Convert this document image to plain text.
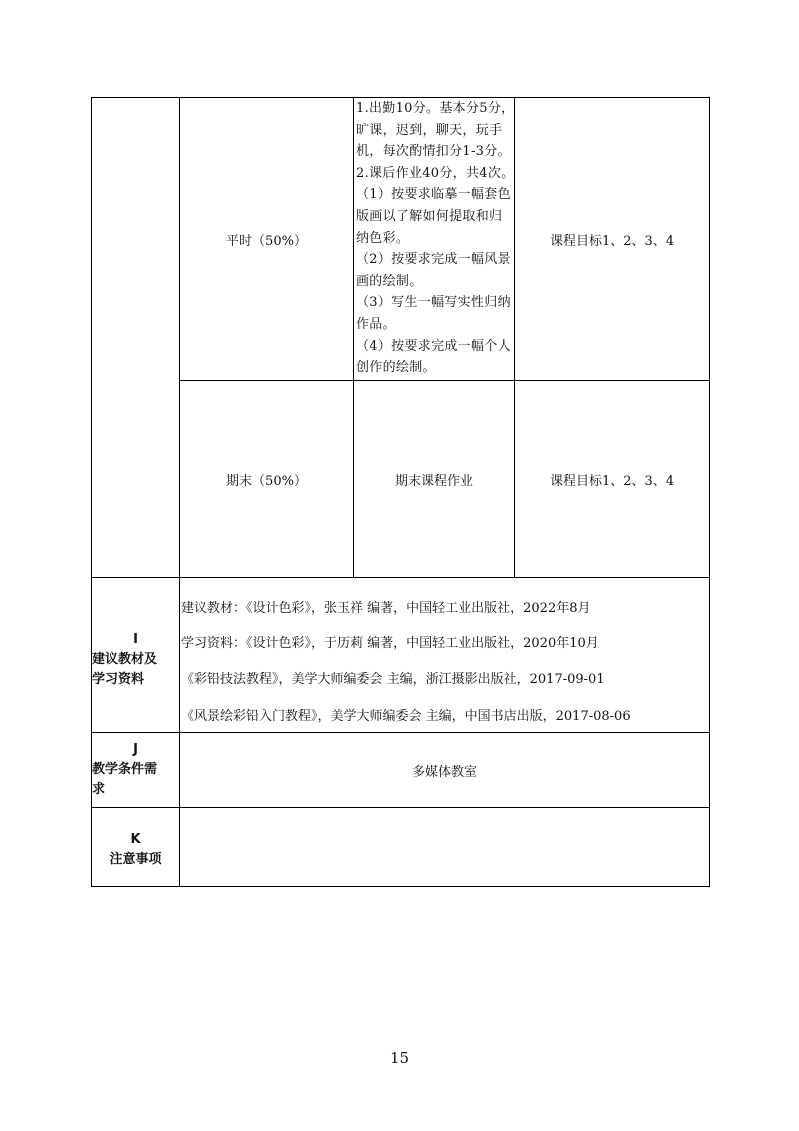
平时（50%）
1.出勤10分。基本分5分，
旷课，迟到，聊天，玩手
机，每次酌情扣分1-3分。
2.课后作业40分，共4次。
（1）按要求临摹一幅套色
版画以了解如何提取和归
纳色彩。
（2）按要求完成一幅风景
画的绘制。
（3）写生一幅写实性归纳
作品。
（4）按要求完成一幅个人
创作的绘制。
课程目标1、2、3、4
期末（50%）	期末课程作业	课程目标1、2、3、4
I
建议教材及
学习资料
建议教材：《设计色彩》，张玉祥 编著，中国轻工业出版社，2022年8月
学习资料：《设计色彩》，于历莉 编著，中国轻工业出版社，2020年10月
《彩铅技法教程》，美学大师编委会 主编，浙江摄影出版社，2017-09-01
《风景绘彩铅入门教程》，美学大师编委会 主编，中国书店出版，2017-08-06
J
教学条件需
求
多媒体教室
K
注意事项
15
